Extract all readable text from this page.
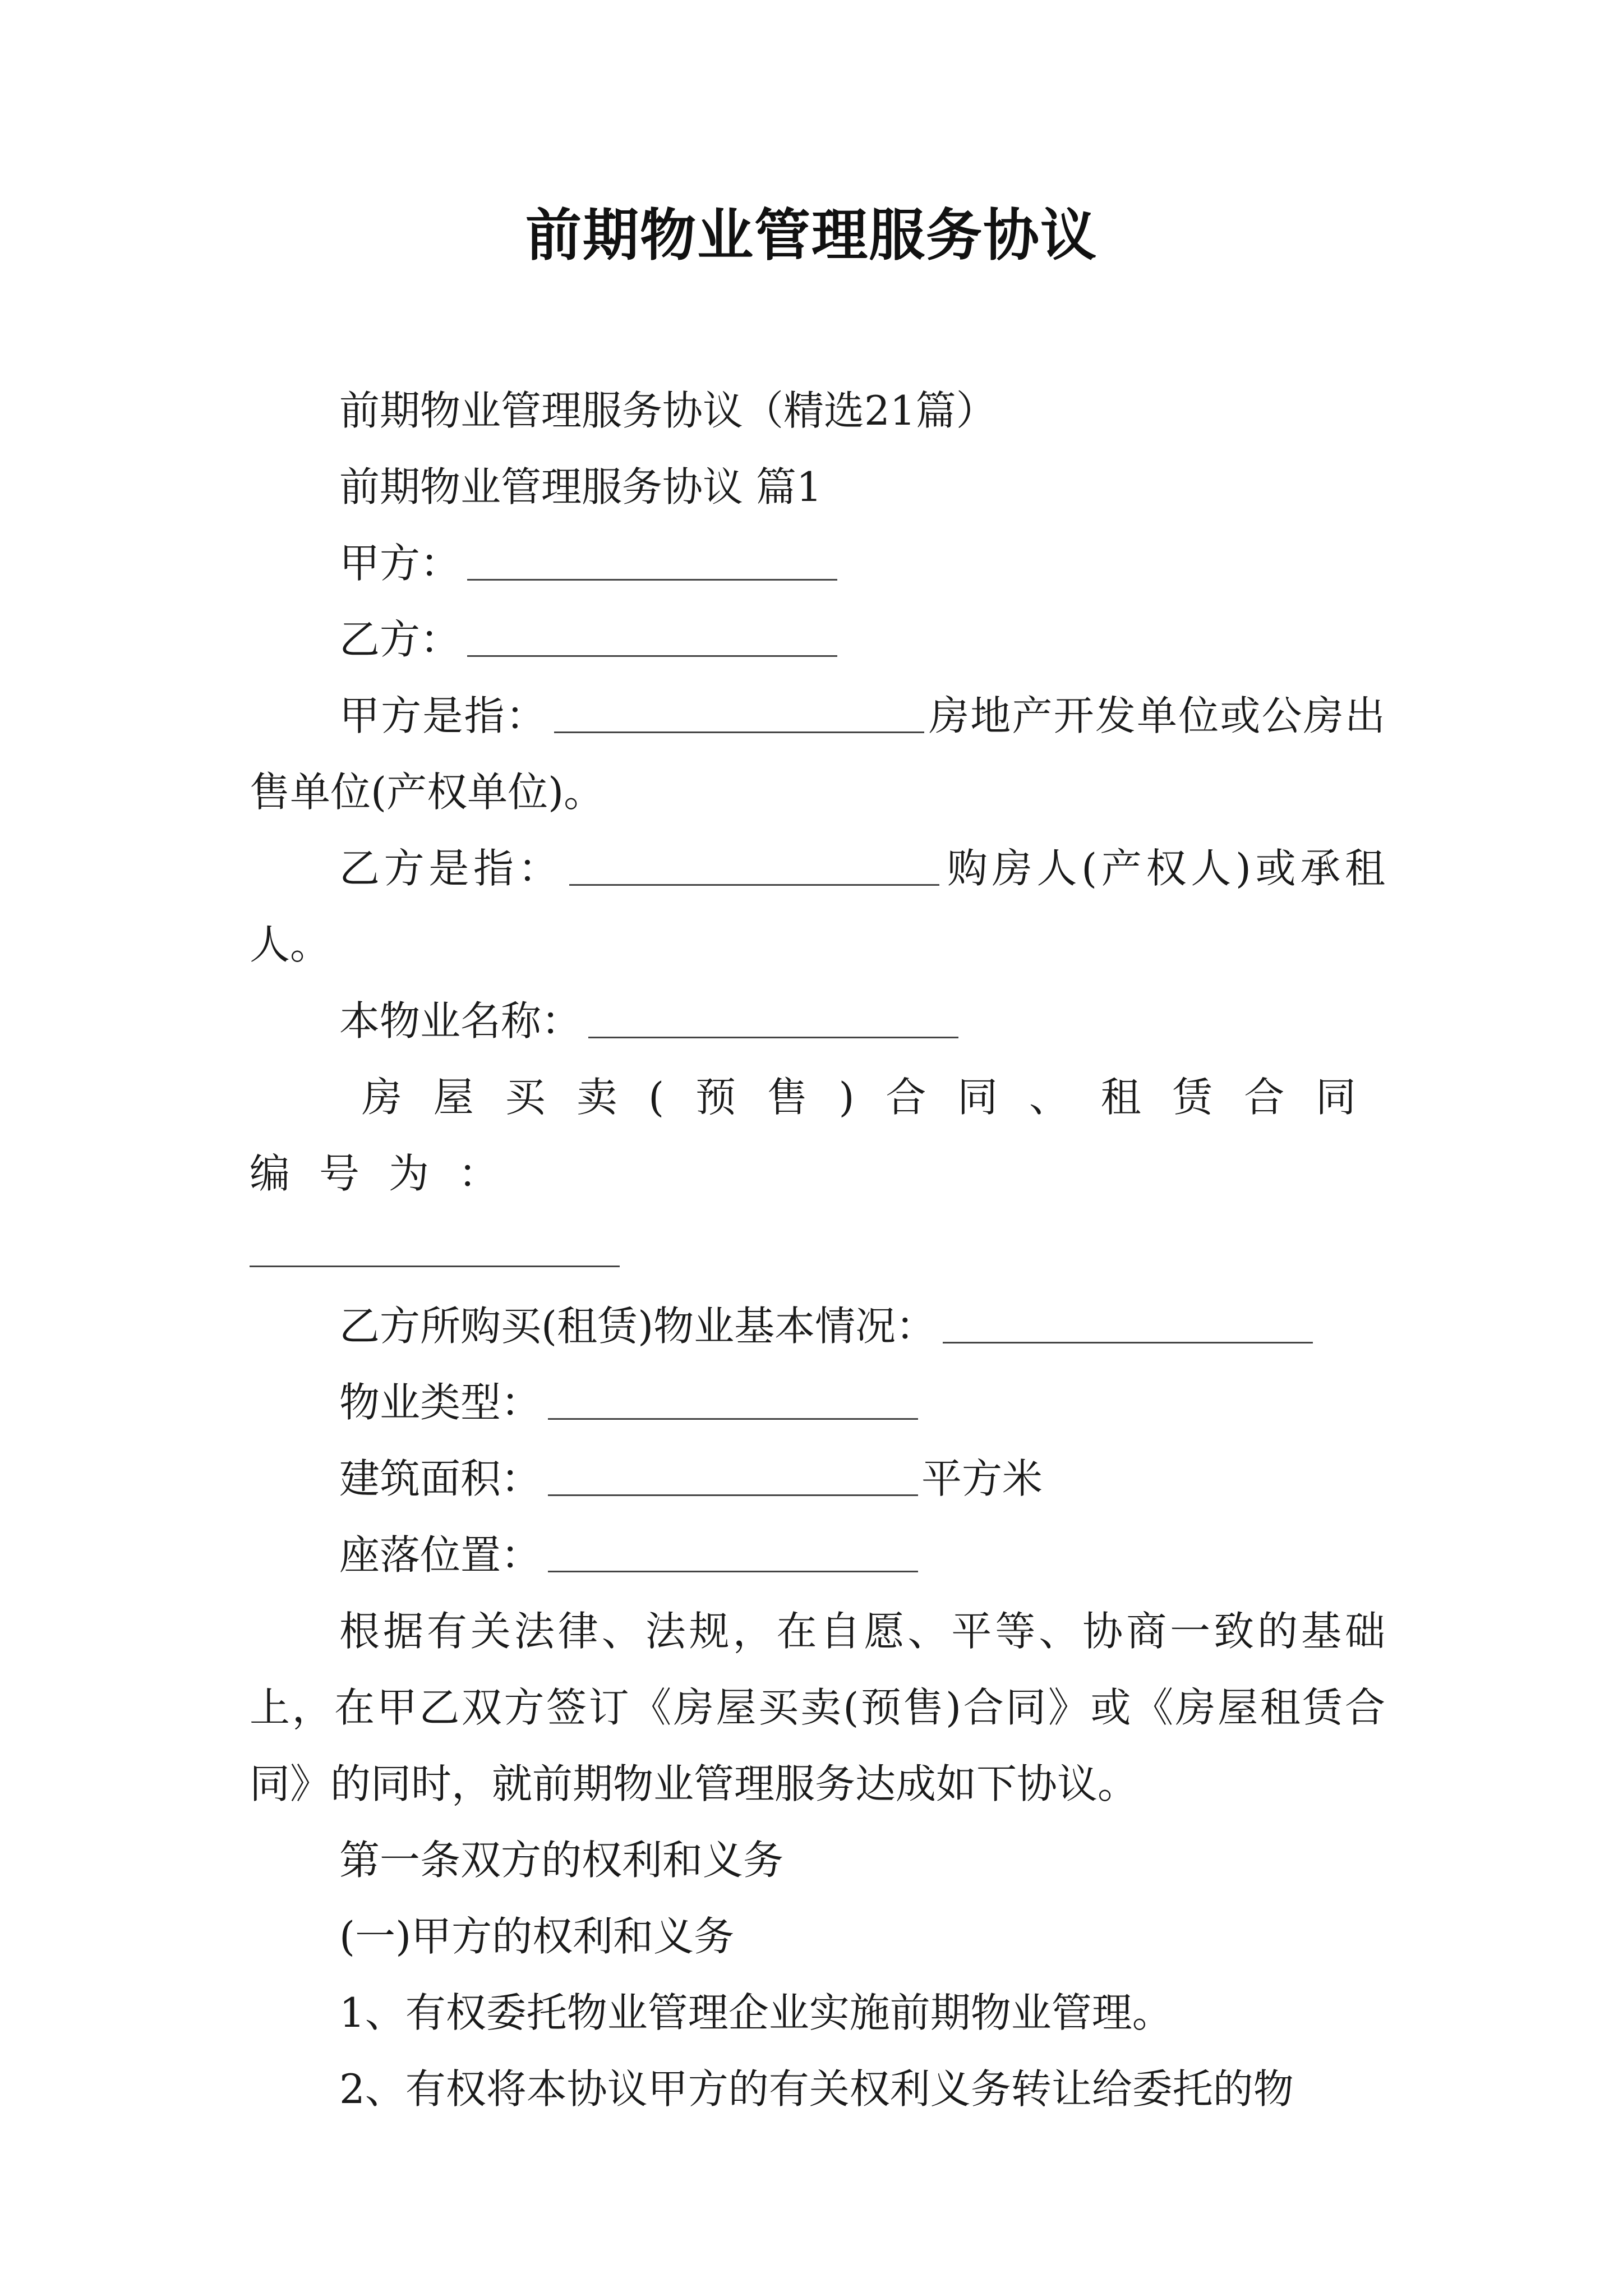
前期物业管理服务协议

前期物业管理服务协议（精选21篇）

前期物业管理服务协议 篇1

甲方：

乙方：

甲方是指：	房地产开发单位或公房出售单位(产权单位)。

乙方是指：	购房人(产权人)或承租人。

本物业名称：

房屋买卖(预售)合同、租赁合同编号为：

乙方所购买(租赁)物业基本情况：

物业类型：

建筑面积：	平方米

座落位置：

根据有关法律、法规，在自愿、平等、协商一致的基础上，在甲乙双方签订《房屋买卖(预售)合同》或《房屋租赁合同》的同时，就前期物业管理服务达成如下协议。

第一条双方的权利和义务

(一)甲方的权利和义务

1、有权委托物业管理企业实施前期物业管理。

2、有权将本协议甲方的有关权利义务转让给委托的物
